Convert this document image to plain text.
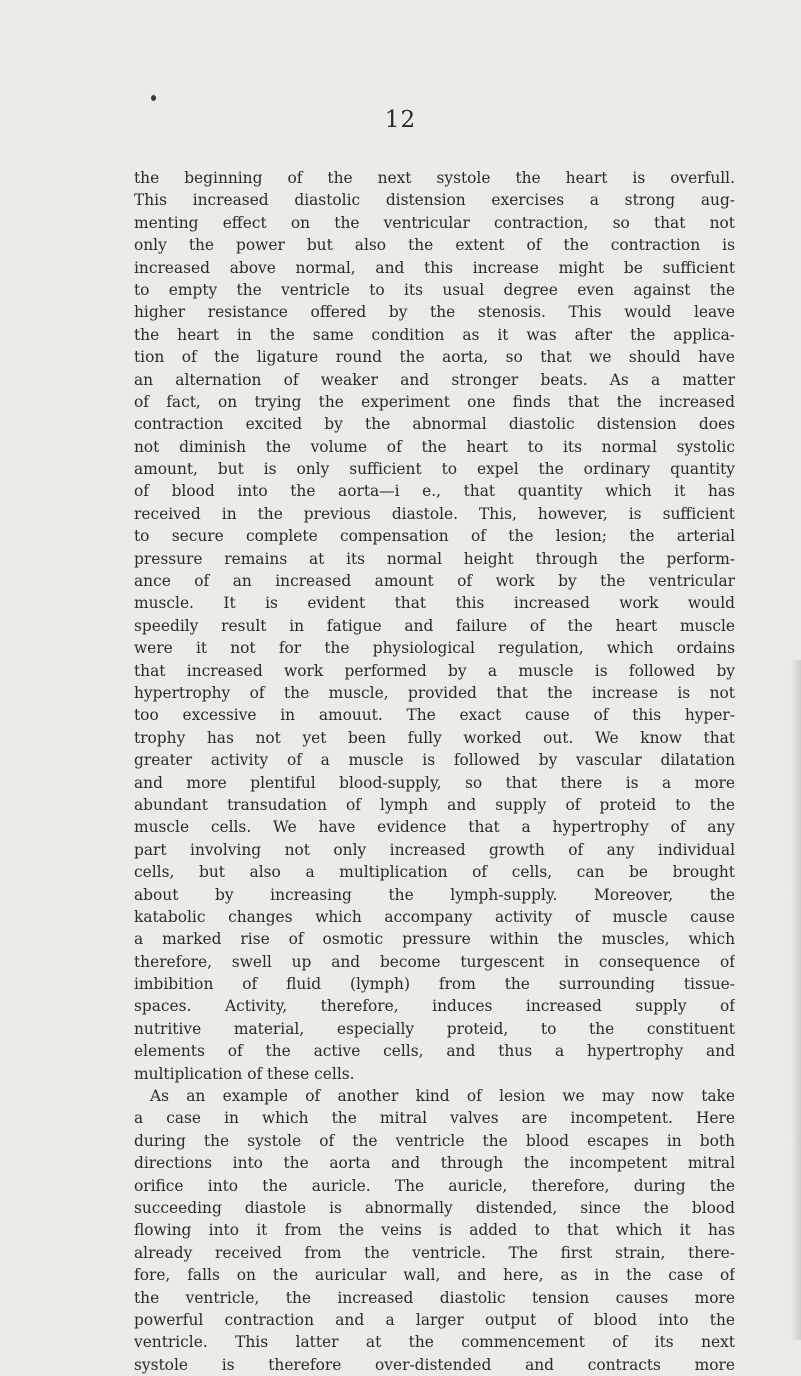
12
the beginning of the next systole the heart is overfull.
This increased diastolic distension exercises a strong aug-
menting effect on the ventricular contraction, so that not
only the power but also the extent of the contraction is
increased above normal, and this increase might be sufficient
to empty the ventricle to its usual degree even against the
higher resistance offered by the stenosis. This would leave
the heart in the same condition as it was after the applica-
tion of the ligature round the aorta, so that we should have
an alternation of weaker and stronger beats. As a matter
of fact, on trying the experiment one finds that the increased
contraction excited by the abnormal diastolic distension does
not diminish the volume of the heart to its normal systolic
amount, but is only sufficient to expel the ordinary quantity
of blood into the aorta—i e., that quantity which it has
received in the previous diastole. This, however, is sufficient
to secure complete compensation of the lesion; the arterial
pressure remains at its normal height through the perform-
ance of an increased amount of work by the ventricular
muscle. It is evident that this increased work would
speedily result in fatigue and failure of the heart muscle
were it not for the physiological regulation, which ordains
that increased work performed by a muscle is followed by
hypertrophy of the muscle, provided that the increase is not
too excessive in amouut. The exact cause of this hyper-
trophy has not yet been fully worked out. We know that
greater activity of a muscle is followed by vascular dilatation
and more plentiful blood-supply, so that there is a more
abundant transudation of lymph and supply of proteid to the
muscle cells. We have evidence that a hypertrophy of any
part involving not only increased growth of any individual
cells, but also a multiplication of cells, can be brought
about by increasing the lymph-supply. Moreover, the
katabolic changes which accompany activity of muscle cause
a marked rise of osmotic pressure within the muscles, which
therefore, swell up and become turgescent in consequence of
imbibition of fluid (lymph) from the surrounding tissue-
spaces. Activity, therefore, induces increased supply of
nutritive material, especially proteid, to the constituent
elements of the active cells, and thus a hypertrophy and
multiplication of these cells.
As an example of another kind of lesion we may now take
a case in which the mitral valves are incompetent. Here
during the systole of the ventricle the blood escapes in both
directions into the aorta and through the incompetent mitral
orifice into the auricle. The auricle, therefore, during the
succeeding diastole is abnormally distended, since the blood
flowing into it from the veins is added to that which it has
already received from the ventricle. The first strain, there-
fore, falls on the auricular wall, and here, as in the case of
the ventricle, the increased diastolic tension causes more
powerful contraction and a larger output of blood into the
ventricle. This latter at the commencement of its next
systole is therefore over-distended and contracts more
